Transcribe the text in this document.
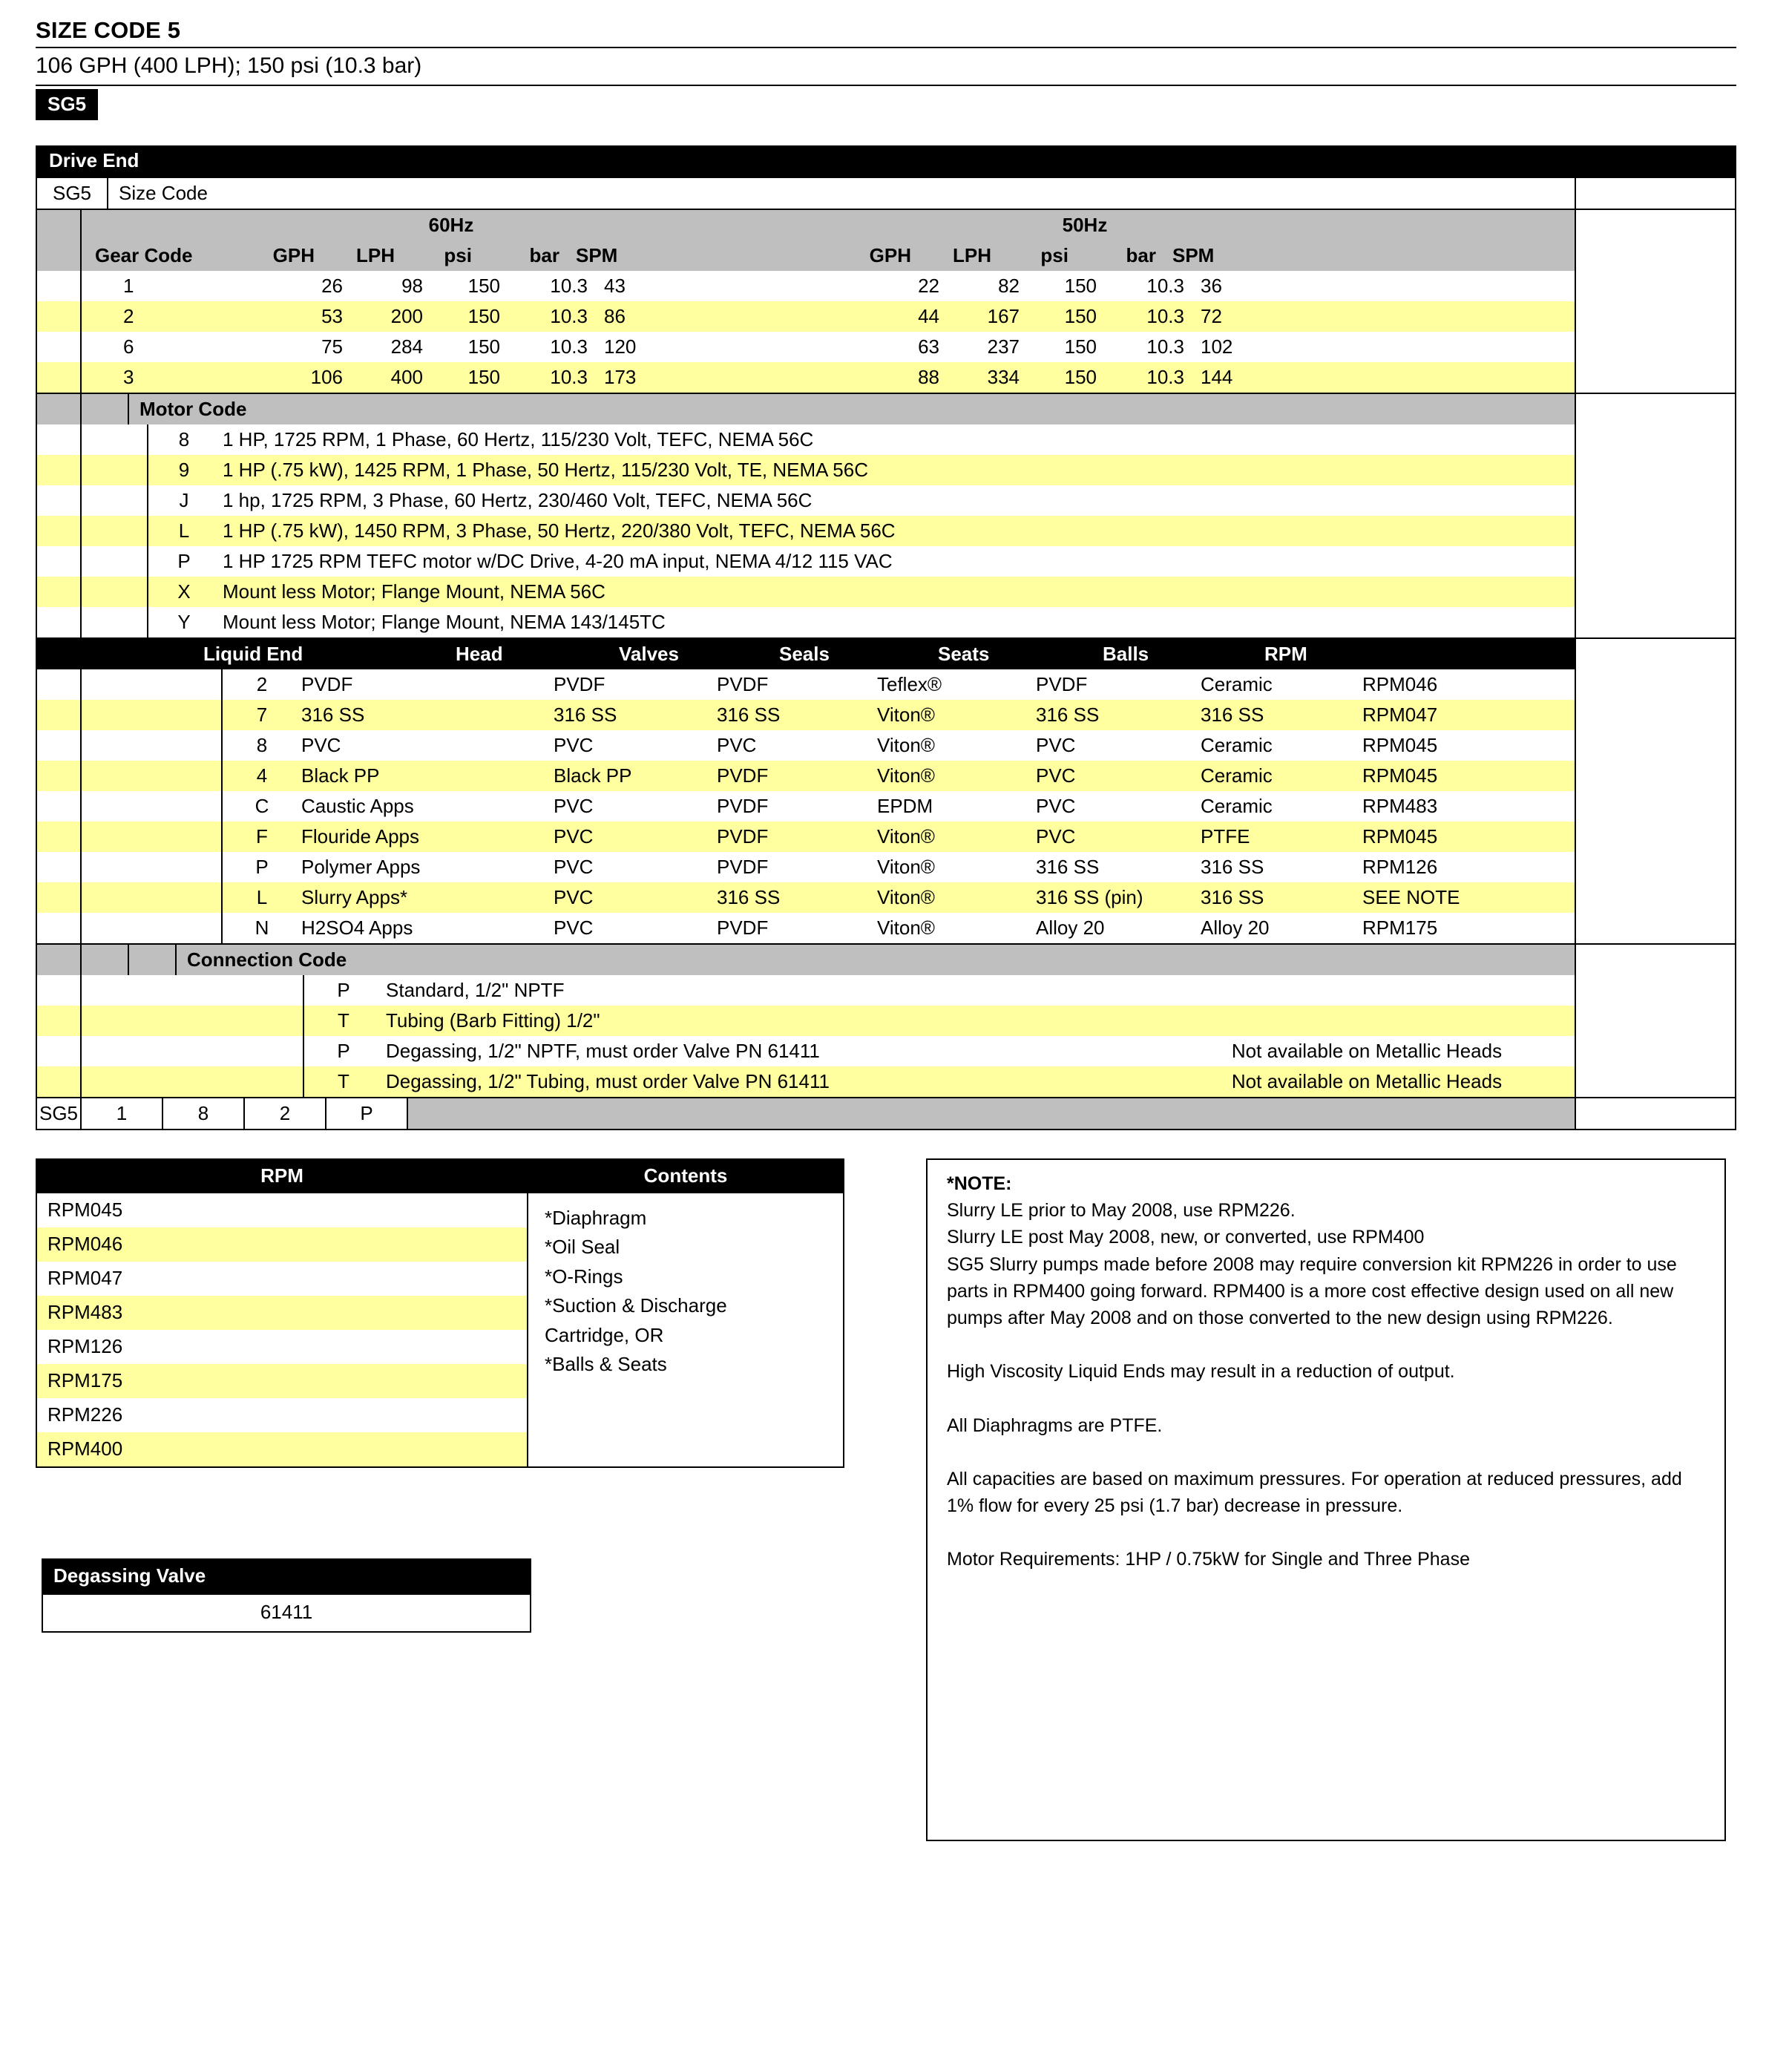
SIZE CODE 5
106 GPH (400 LPH); 150 psi (10.3 bar)
SG5
Drive End
SG5	Size Code
60Hz	50Hz
Gear Code	GPH	LPH	psi	bar SPM	GPH	LPH	psi	bar SPM
1	26	98	150	10.3 43	22	82	150	10.3 36
2	53	200	150	10.3 86	44	167	150	10.3 72
6	75	284	150	10.3 120	63	237	150	10.3 102
3	106	400	150	10.3 173	88	334	150	10.3 144
Motor Code
8	1 HP, 1725 RPM, 1 Phase, 60 Hertz, 115/230 Volt, TEFC, NEMA 56C
9	1 HP (.75 kW), 1425 RPM, 1 Phase, 50 Hertz, 115/230 Volt, TE, NEMA 56C
J	1 hp, 1725 RPM, 3 Phase, 60 Hertz, 230/460 Volt, TEFC, NEMA 56C
L	1 HP (.75 kW), 1450 RPM, 3 Phase, 50 Hertz, 220/380 Volt, TEFC, NEMA 56C
P	1 HP 1725 RPM TEFC motor w/DC Drive, 4-20 mA input, NEMA 4/12 115 VAC
X	Mount less Motor; Flange Mount, NEMA 56C
Y	Mount less Motor; Flange Mount, NEMA 143/145TC
Liquid End	Head	Valves	Seals	Seats	Balls	RPM
2	PVDF	PVDF	PVDF	Teflex®	PVDF	Ceramic	RPM046
7	316 SS	316 SS	316 SS	Viton®	316 SS	316 SS	RPM047
8	PVC	PVC	PVC	Viton®	PVC	Ceramic	RPM045
4	Black PP	Black PP	PVDF	Viton®	PVC	Ceramic	RPM045
C	Caustic Apps	PVC	PVDF	EPDM	PVC	Ceramic	RPM483
F	Flouride Apps	PVC	PVDF	Viton®	PVC	PTFE	RPM045
P	Polymer Apps	PVC	PVDF	Viton®	316 SS	316 SS	RPM126
L	Slurry Apps*	PVC	316 SS	Viton®	316 SS (pin)	316 SS	SEE NOTE
N	H2SO4 Apps	PVC	PVDF	Viton®	Alloy 20	Alloy 20	RPM175
Connection Code
P	Standard, 1/2" NPTF
T	Tubing (Barb Fitting) 1/2"
P	Degassing, 1/2" NPTF, must order Valve PN 61411	Not available on Metallic Heads
T	Degassing, 1/2" Tubing, must order Valve PN 61411	Not available on Metallic Heads
SG5	1	8	2	P
RPM
RPM045
RPM046
RPM047
RPM483
RPM126
RPM175
RPM226
RPM400
Contents
*Diaphragm
*Oil Seal
*O-Rings
*Suction & Discharge
Cartridge, OR
*Balls & Seats
Degassing Valve
61411
*NOTE:
Slurry LE prior to May 2008, use RPM226.
Slurry LE post May 2008, new, or converted, use RPM400
SG5 Slurry pumps made before 2008 may require conversion kit RPM226 in order to use parts in RPM400 going forward. RPM400 is a more cost effective design used on all new pumps after May 2008 and on those converted to the new design using RPM226.
High Viscosity Liquid Ends may result in a reduction of output.
All Diaphragms are PTFE.
All capacities are based on maximum pressures. For operation at reduced pressures, add 1% flow for every 25 psi (1.7 bar) decrease in pressure.
Motor Requirements: 1HP / 0.75kW for Single and Three Phase
